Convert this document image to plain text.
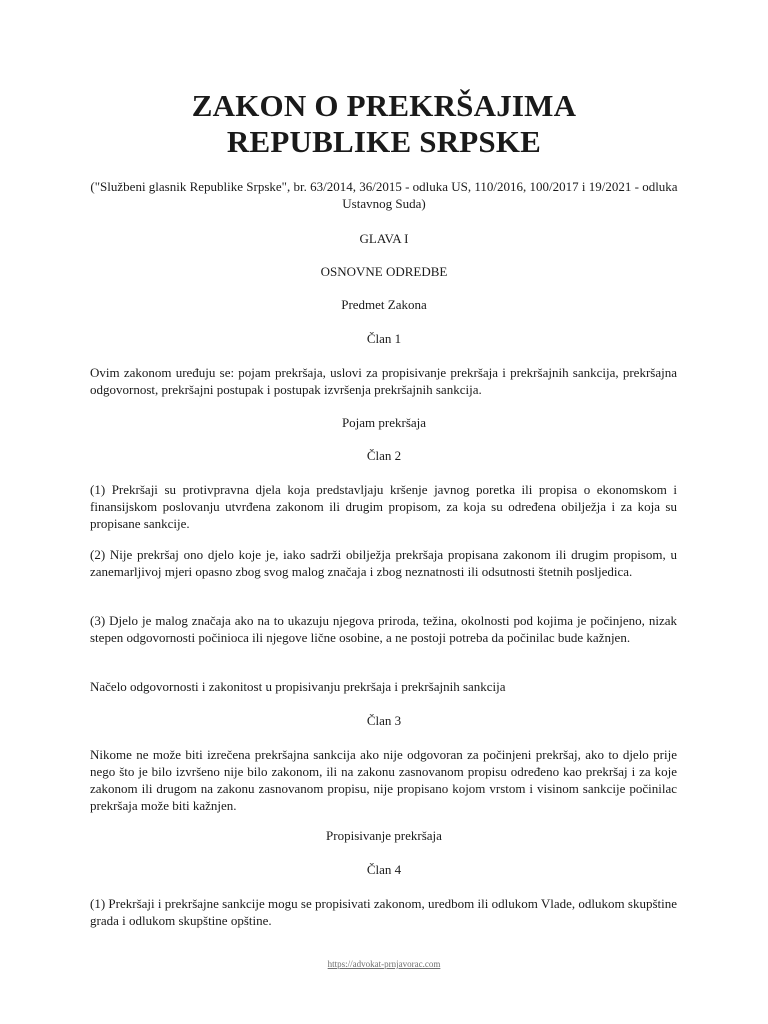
ZAKON O PREKRŠAJIMA
REPUBLIKE SRPSKE
("Službeni glasnik Republike Srpske", br. 63/2014, 36/2015 - odluka US, 110/2016, 100/2017 i 19/2021 - odluka Ustavnog Suda)
GLAVA I
OSNOVNE ODREDBE
Predmet Zakona
Član 1
Ovim zakonom uređuju se: pojam prekršaja, uslovi za propisivanje prekršaja i prekršajnih sankcija, prekršajna odgovornost, prekršajni postupak i postupak izvršenja prekršajnih sankcija.
Pojam prekršaja
Član 2
(1) Prekršaji su protivpravna djela koja predstavljaju kršenje javnog poretka ili propisa o ekonomskom i finansijskom poslovanju utvrđena zakonom ili drugim propisom, za koja su određena obilježja i za koja su propisane sankcije.
(2) Nije prekršaj ono djelo koje je, iako sadrži obilježja prekršaja propisana zakonom ili drugim propisom, u zanemarljivoj mjeri opasno zbog svog malog značaja i zbog neznatnosti ili odsutnosti štetnih posljedica.
(3) Djelo je malog značaja ako na to ukazuju njegova priroda, težina, okolnosti pod kojima je počinjeno, nizak stepen odgovornosti počinioca ili njegove lične osobine, a ne postoji potreba da počinilac bude kažnjen.
Načelo odgovornosti i zakonitost u propisivanju prekršaja i prekršajnih sankcija
Član 3
Nikome ne može biti izrečena prekršajna sankcija ako nije odgovoran za počinjeni prekršaj, ako to djelo prije nego što je bilo izvršeno nije bilo zakonom, ili na zakonu zasnovanom propisu određeno kao prekršaj i za koje zakonom ili drugom na zakonu zasnovanom propisu, nije propisano kojom vrstom i visinom sankcije počinilac prekršaja može biti kažnjen.
Propisivanje prekršaja
Član 4
(1) Prekršaji i prekršajne sankcije mogu se propisivati zakonom, uredbom ili odlukom Vlade, odlukom skupštine grada i odlukom skupštine opštine.
https://advokat-prnjavorac.com
